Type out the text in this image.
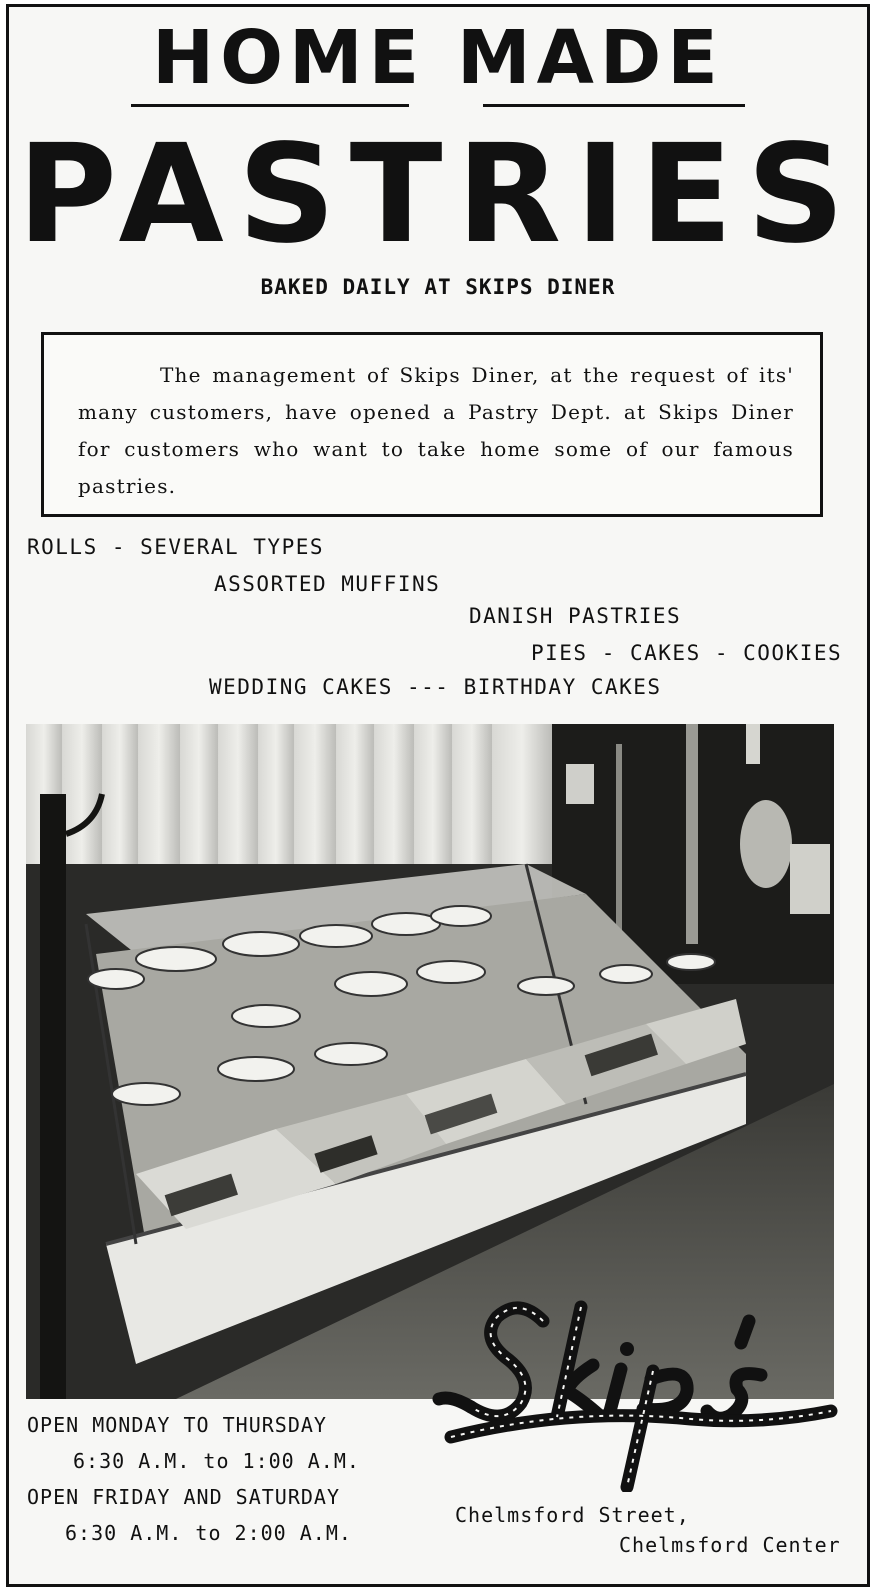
HOME MADE
PASTRIES
BAKED DAILY AT SKIPS DINER

The management of Skips Diner, at the request of its' many customers, have opened a Pastry Dept. at Skips Diner for customers who want to take home some of our famous pastries.

ROLLS - SEVERAL TYPES
ASSORTED MUFFINS
DANISH PASTRIES
PIES - CAKES - COOKIES
WEDDING CAKES --- BIRTHDAY CAKES
OPEN MONDAY TO THURSDAY
6:30 A.M. to 1:00 A.M.
OPEN FRIDAY AND SATURDAY
6:30 A.M. to 2:00 A.M.
Chelmsford Street,
Chelmsford Center
